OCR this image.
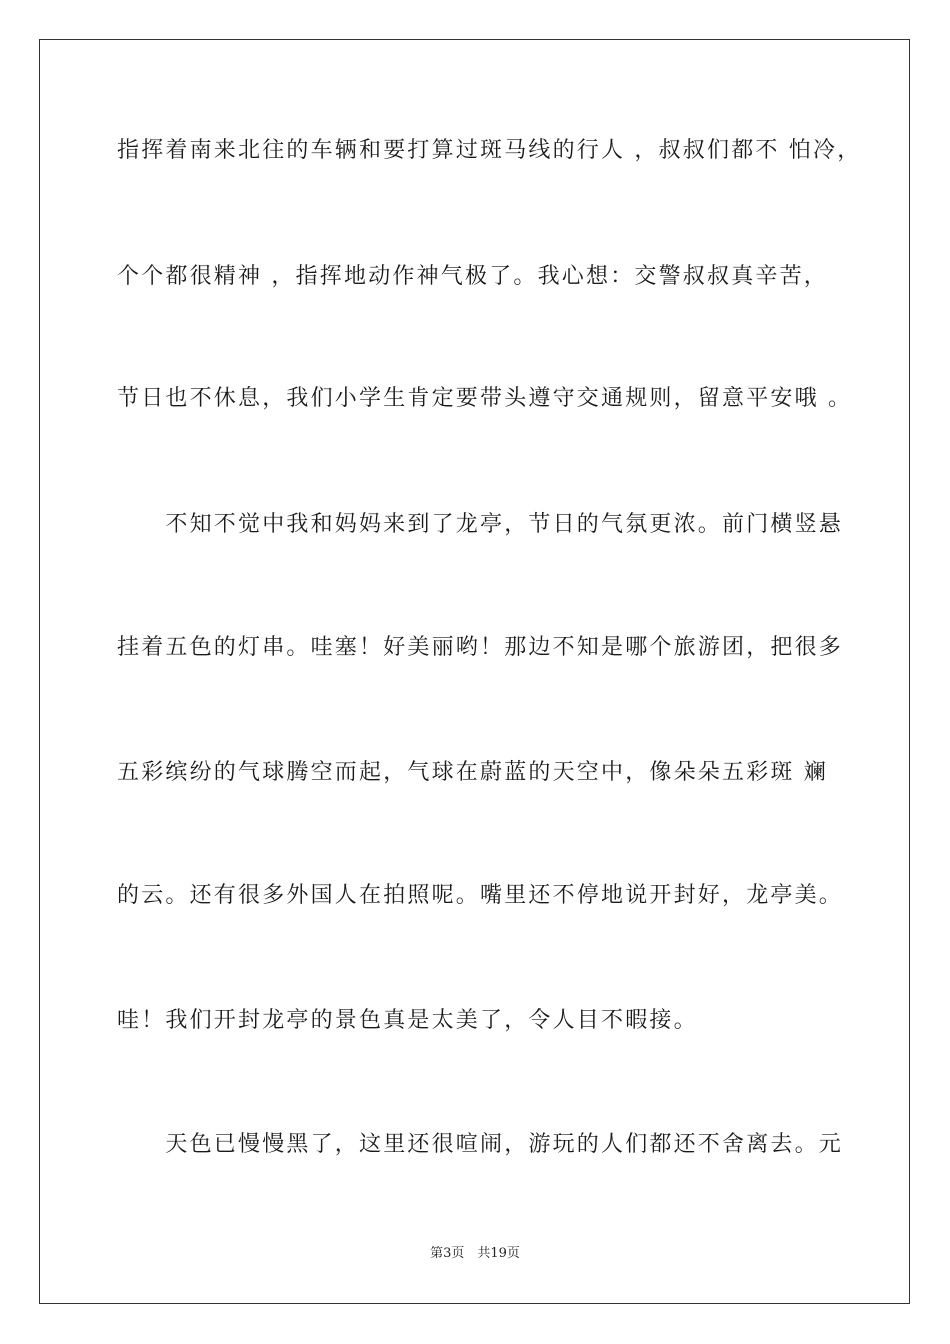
指挥着南来北往的车辆和要打算过斑马线的行人 ，叔叔们都不 怕冷，
个个都很精神 ，指挥地动作神气极了。我心想：交警叔叔真辛苦，
节日也不休息，我们小学生肯定要带头遵守交通规则，留意平安哦 。
　　不知不觉中我和妈妈来到了龙亭，节日的气氛更浓。前门横竖悬
挂着五色的灯串。哇塞！好美丽哟！那边不知是哪个旅游团，把很多
五彩缤纷的气球腾空而起，气球在蔚蓝的天空中，像朵朵五彩斑 斓
的云。还有很多外国人在拍照呢。嘴里还不停地说开封好，龙亭美。
哇！我们开封龙亭的景色真是太美了，令人目不暇接。
　　天色已慢慢黑了，这里还很喧闹，游玩的人们都还不舍离去。元
第3页　共19页
